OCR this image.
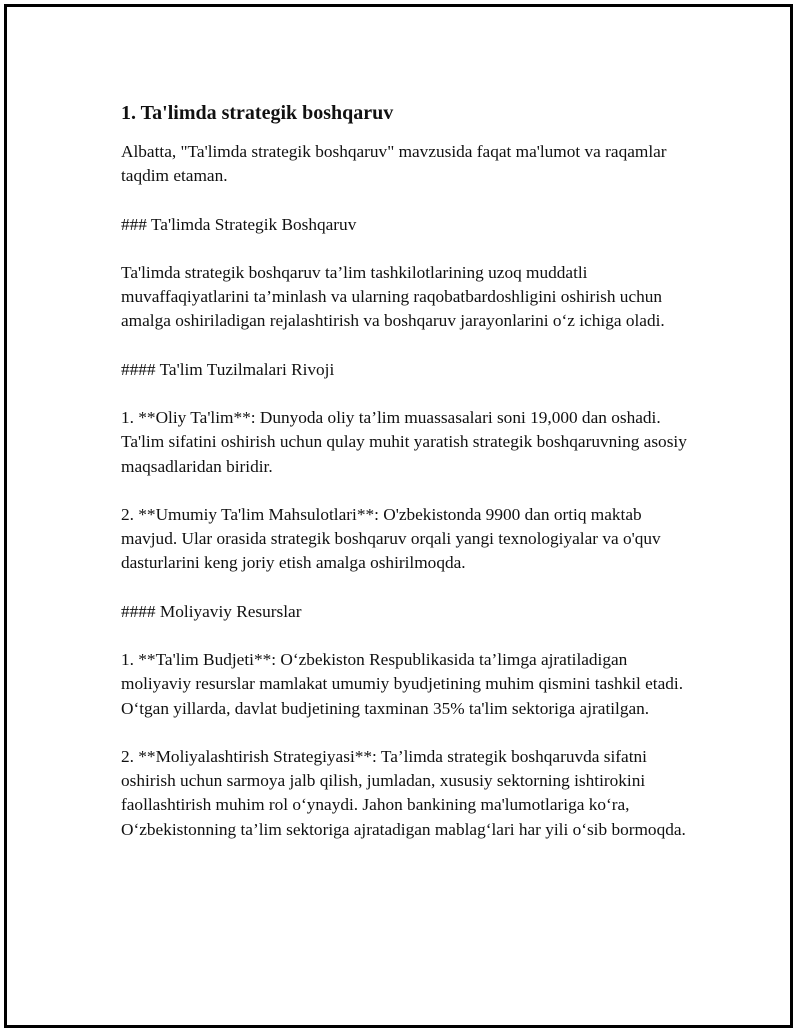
1. Ta'limda strategik boshqaruv

Albatta, "Ta'limda strategik boshqaruv" mavzusida faqat ma'lumot va raqamlar taqdim etaman.

### Ta'limda Strategik Boshqaruv

Ta'limda strategik boshqaruv ta’lim tashkilotlarining uzoq muddatli muvaffaqiyatlarini ta’minlash va ularning raqobatbardoshligini oshirish uchun amalga oshiriladigan rejalashtirish va boshqaruv jarayonlarini o‘z ichiga oladi.

#### Ta'lim Tuzilmalari Rivoji

1. **Oliy Ta'lim**: Dunyoda oliy ta’lim muassasalari soni 19,000 dan oshadi. Ta'lim sifatini oshirish uchun qulay muhit yaratish strategik boshqaruvning asosiy maqsadlaridan biridir.

2. **Umumiy Ta'lim Mahsulotlari**: O'zbekistonda 9900 dan ortiq maktab mavjud. Ular orasida strategik boshqaruv orqali yangi texnologiyalar va o'quv dasturlarini keng joriy etish amalga oshirilmoqda.

#### Moliyaviy Resurslar

1. **Ta'lim Budjeti**: O‘zbekiston Respublikasida ta’limga ajratiladigan moliyaviy resurslar mamlakat umumiy byudjetining muhim qismini tashkil etadi. O‘tgan yillarda, davlat budjetining taxminan 35% ta'lim sektoriga ajratilgan.

2. **Moliyalashtirish Strategiyasi**: Ta’limda strategik boshqaruvda sifatni oshirish uchun sarmoya jalb qilish, jumladan, xususiy sektorning ishtirokini faollashtirish muhim rol o‘ynaydi. Jahon bankining ma'lumotlariga ko‘ra, O‘zbekistonning ta’lim sektoriga ajratadigan mablag‘lari har yili o‘sib bormoqda.
